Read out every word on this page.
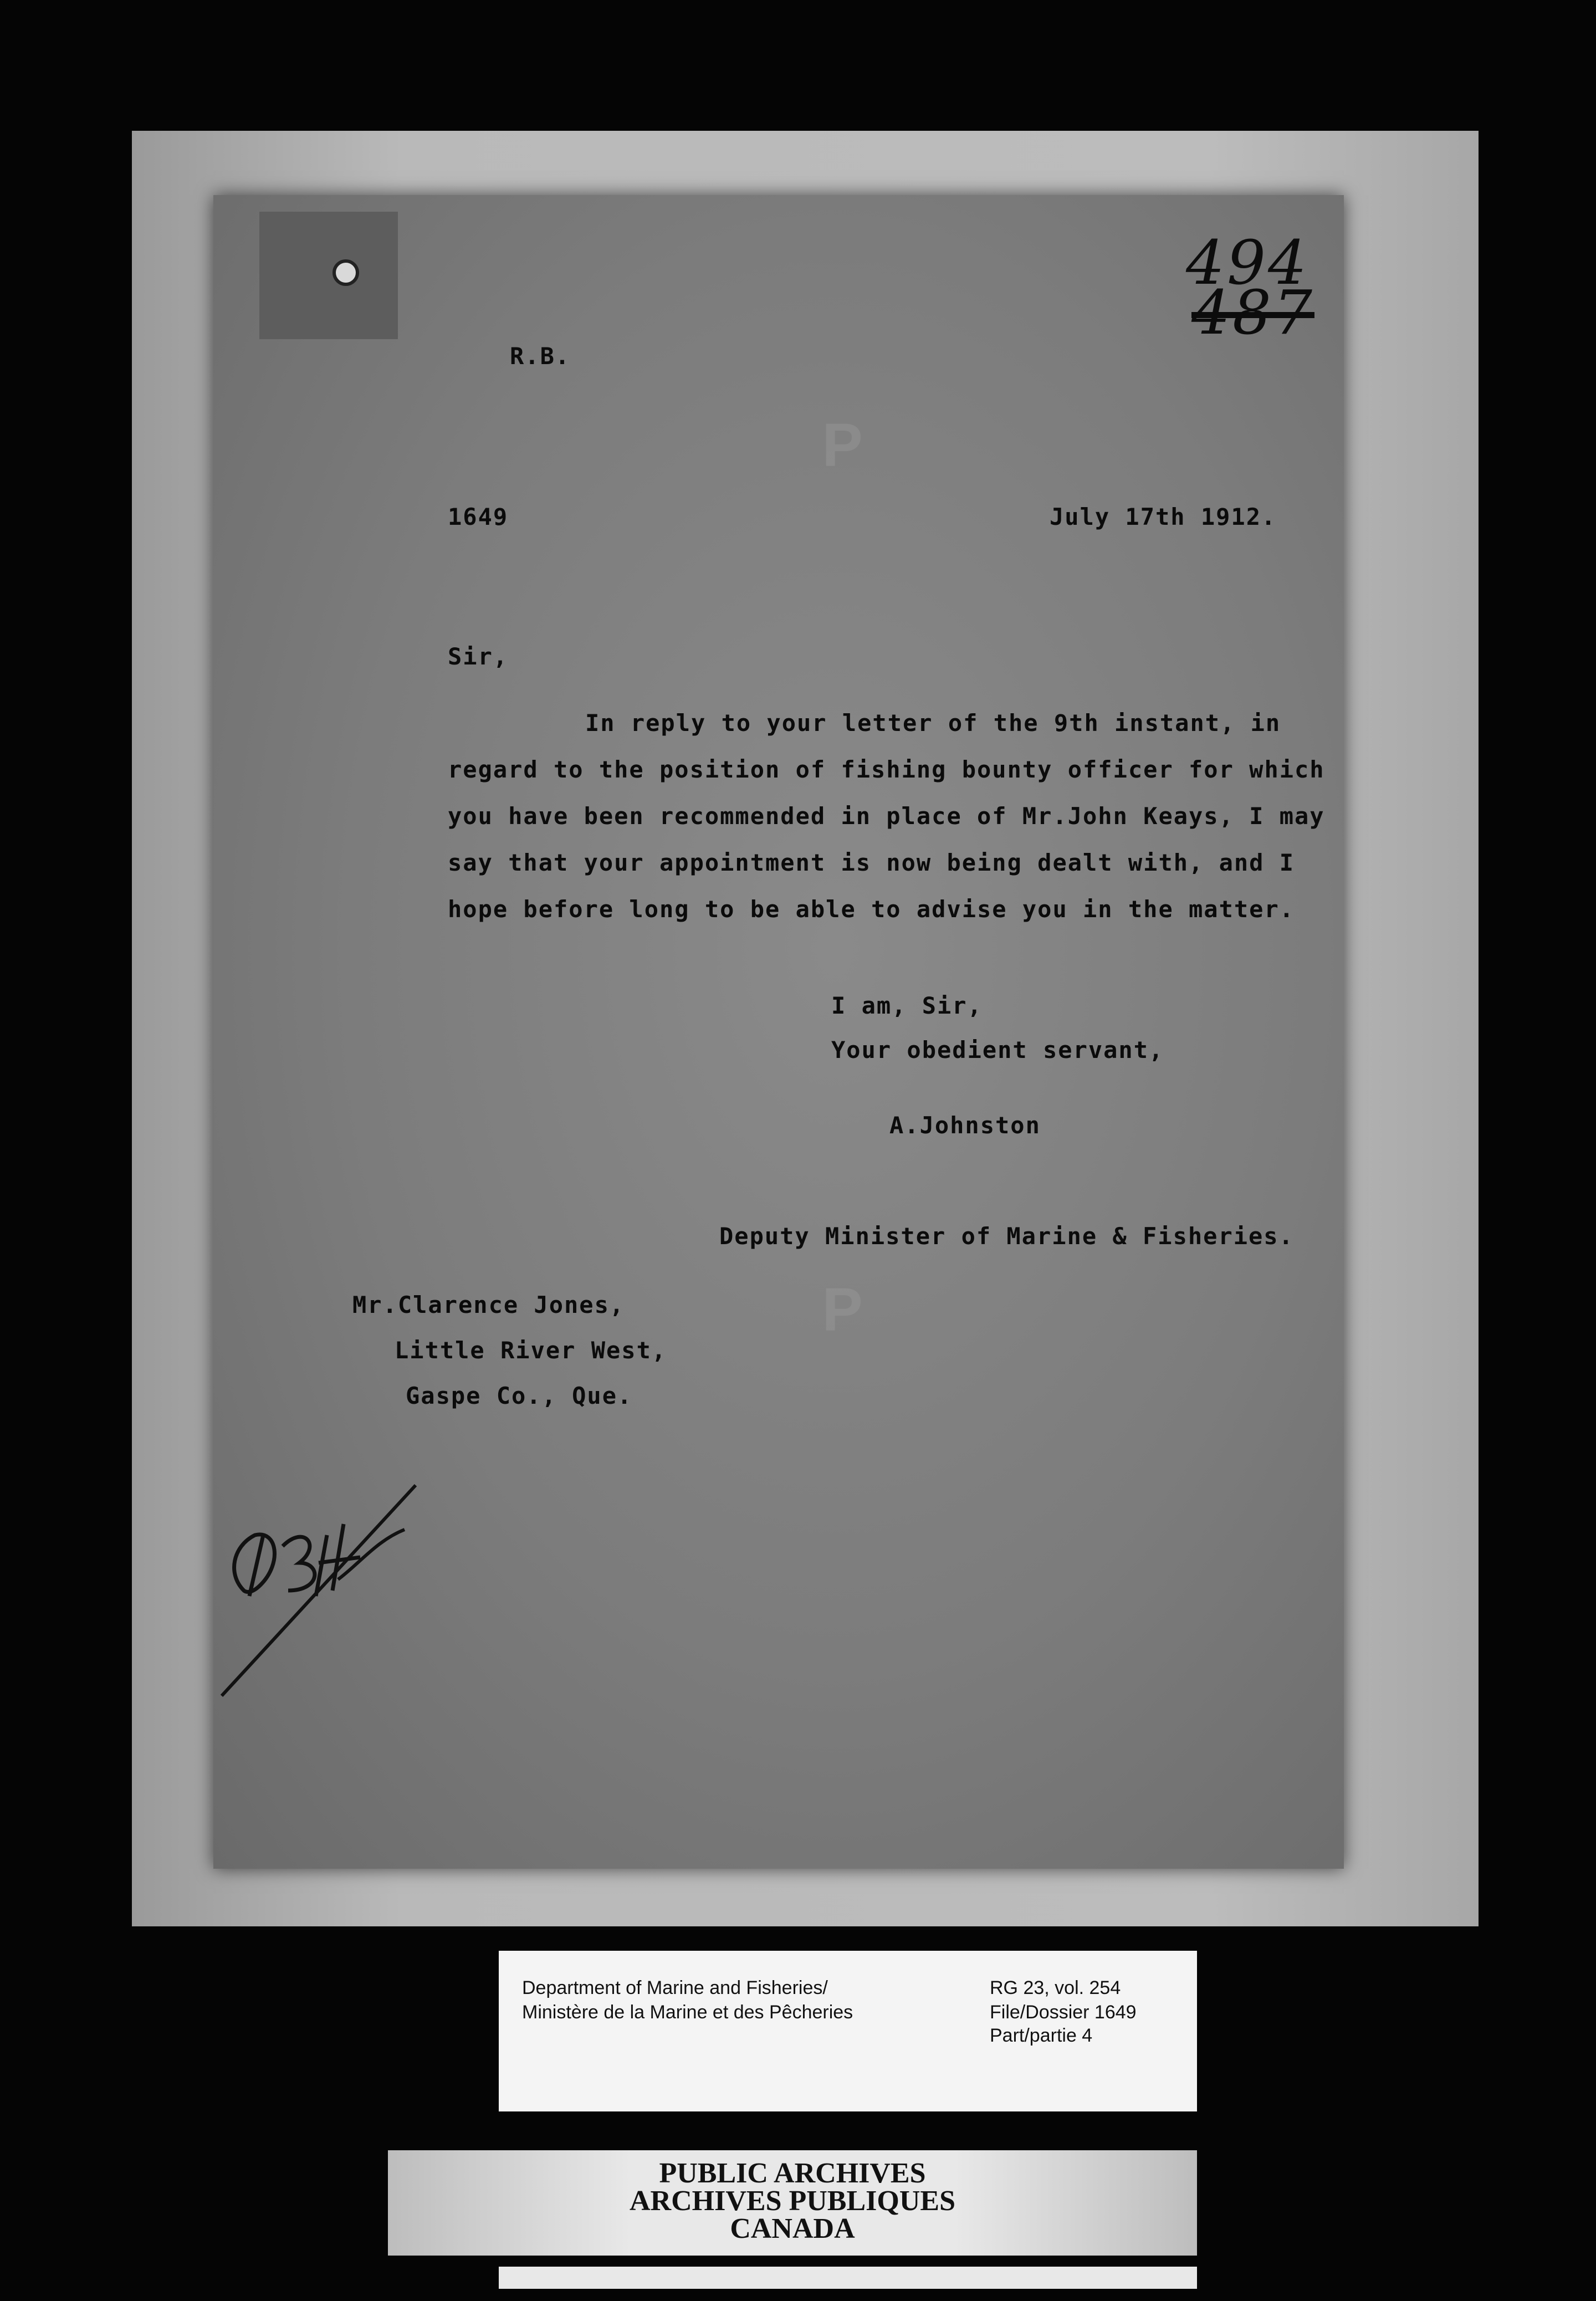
P
P
494
487
R.B.
1649	July 17th 1912.
Sir,
In reply to your letter of the 9th instant, in
regard to the position of fishing bounty officer for which
you have been recommended in place of Mr.John Keays, I may
say that your appointment is now being dealt with, and I
hope before long to be able to advise you in the matter.
I am, Sir,
Your obedient servant,
A.Johnston
Deputy Minister of Marine & Fisheries.
Mr.Clarence Jones,
Little River West,
Gaspe Co., Que.
Department of Marine and Fisheries/
Ministère de la Marine et des Pêcheries
RG 23, vol. 254
File/Dossier 1649
Part/partie 4
PUBLIC ARCHIVES
ARCHIVES PUBLIQUES
CANADA
